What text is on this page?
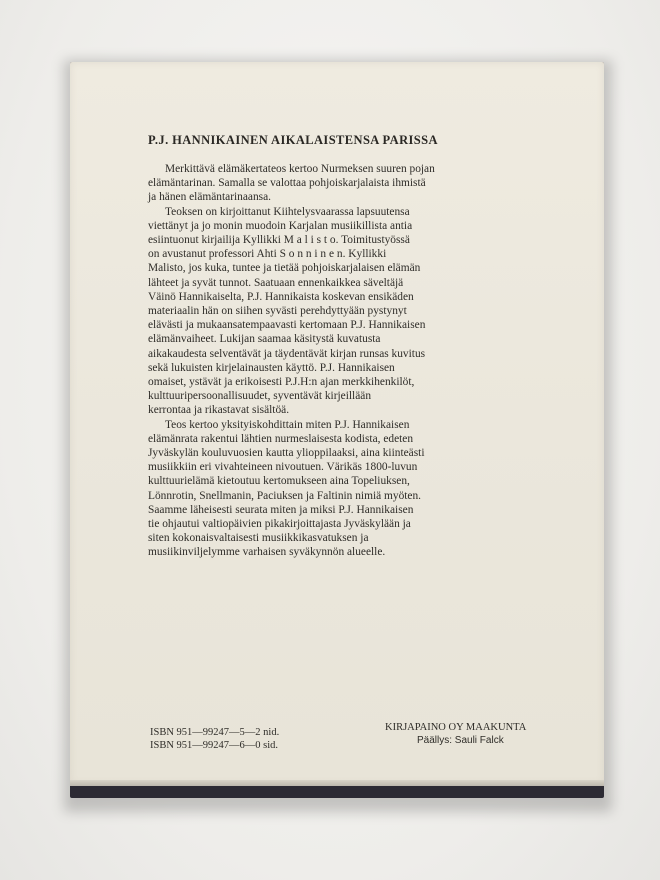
P.J. HANNIKAINEN AIKALAISTENSA PARISSA

Merkittävä elämäkertateos kertoo Nurmeksen suuren pojan

elämäntarinan. Samalla se valottaa pohjoiskarjalaista ihmistä

ja hänen elämäntarinaansa.

Teoksen on kirjoittanut Kiihtelysvaarassa lapsuutensa

viettänyt ja jo monin muodoin Karjalan musiikillista antia

esiintuonut kirjailija Kyllikki M a l i s t o. Toimitustyössä

on avustanut professori Ahti S o n n i n e n. Kyllikki

Malisto, jos kuka, tuntee ja tietää pohjoiskarjalaisen elämän

lähteet ja syvät tunnot. Saatuaan ennenkaikkea säveltäjä

Väinö Hannikaiselta, P.J. Hannikaista koskevan ensikäden

materiaalin hän on siihen syvästi perehdyttyään pystynyt

elävästi ja mukaansatempaavasti kertomaan P.J. Hannikaisen

elämänvaiheet. Lukijan saamaa käsitystä kuvatusta

aikakaudesta selventävät ja täydentävät kirjan runsas kuvitus

sekä lukuisten kirjelainausten käyttö. P.J. Hannikaisen

omaiset, ystävät ja erikoisesti P.J.H:n ajan merkkihenkilöt,

kulttuuripersoonallisuudet, syventävät kirjeillään

kerrontaa ja rikastavat sisältöä.

Teos kertoo yksityiskohdittain miten P.J. Hannikaisen

elämänrata rakentui lähtien nurmeslaisesta kodista, edeten

Jyväskylän kouluvuosien kautta ylioppilaaksi, aina kiinteästi

musiikkiin eri vivahteineen nivoutuen. Värikäs 1800-luvun

kulttuurielämä kietoutuu kertomukseen aina Topeliuksen,

Lönnrotin, Snellmanin, Paciuksen ja Faltinin nimiä myöten.

Saamme läheisesti seurata miten ja miksi P.J. Hannikaisen

tie ohjautui valtiopäivien pikakirjoittajasta Jyväskylään ja

siten kokonaisvaltaisesti musiikkikasvatuksen ja

musiikinviljelymme varhaisen syväkynnön alueelle.

ISBN 951—99247—5—2 nid.
ISBN 951—99247—6—0 sid.
KIRJAPAINO OY MAAKUNTA
Päällys: Sauli Falck
